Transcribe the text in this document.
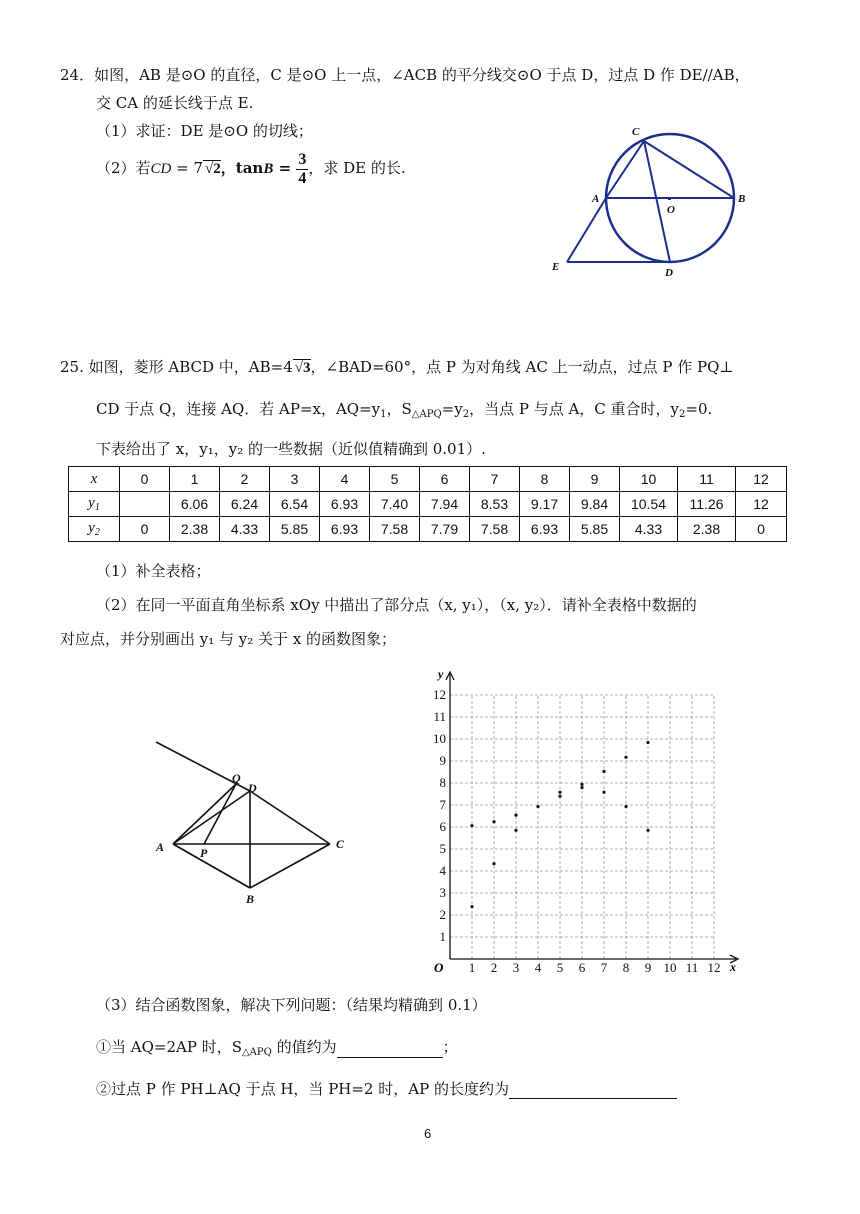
24．如图，AB 是⊙O 的直径，C 是⊙O 上一点，∠ACB 的平分线交⊙O 于点 D，过点 D 作 DE//AB，
交 CA 的延长线于点 E.
（1）求证：DE 是⊙O 的切线；
（2）若CD = 7 √2，$\tan B = \frac{3}{4}$ ，求 DE 的长.
C
A
O
B
E	D
25. 如图，菱形 ABCD 中，AB=4 √3，∠BAD=60°，点 P 为对角线 AC 上一动点，过点 P 作 PQ⊥
CD 于点 Q，连接 AQ．若 AP=x，$AQ=y_1$，$S_{\triangle APQ}=y_2$，当点 P 与点 A，C 重合时，$y_2=0$.
下表给出了 x，y₁，y₂ 的一些数据（近似值精确到 0.01）.
x	0	1	2	3	4	5	6	7	8	9	10	11	12
$y_1$		6.06	6.24	6.54	6.93	7.40	7.94	8.53	9.17	9.84	10.54	11.26	12
$y_2$	0	2.38	4.33	5.85	6.93	7.58	7.79	7.58	6.93	5.85	4.33	2.38	0
（1）补全表格；
（2）在同一平面直角坐标系 xOy 中描出了部分点（x, y₁），（x, y₂）．请补全表格中数据的
对应点，并分别画出 y₁ 与 y₂ 关于 x 的函数图象；
Q
D
A	P
C
B
1 2 3 4 5 6 7 8 9 10 11 12
1
2
3
4
5
6
7
8
9
10
11
12
x
y
O
（3）结合函数图象，解决下列问题：（结果均精确到 0.1）
①当 AQ=2AP 时，$S_{\triangle APQ}$ 的值约为	；
②过点 P 作 PH⊥AQ 于点 H，当 PH=2 时，AP 的长度约为
6
